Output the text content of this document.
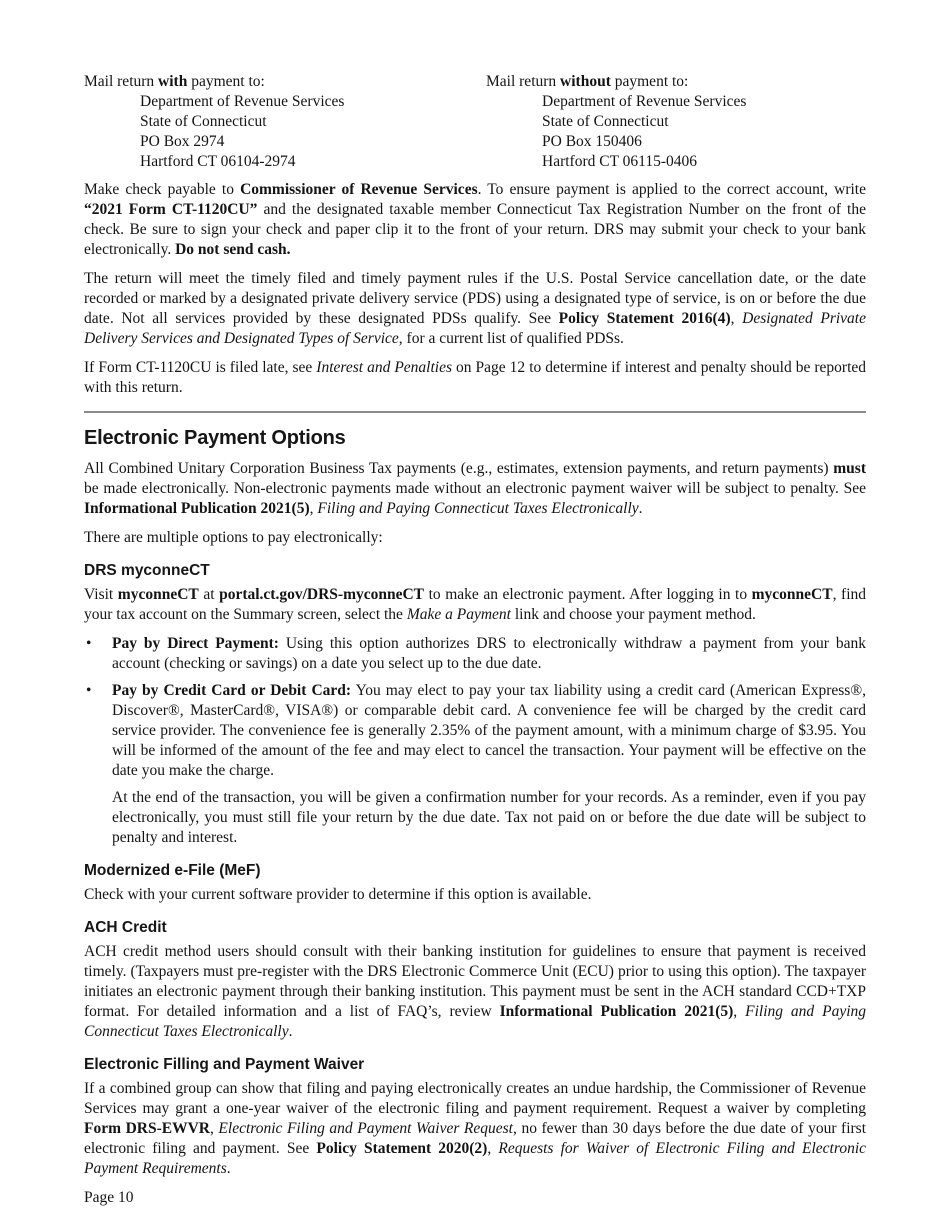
Mail return with payment to:
Department of Revenue Services
State of Connecticut
PO Box 2974
Hartford CT 06104-2974
Mail return without payment to:
Department of Revenue Services
State of Connecticut
PO Box 150406
Hartford CT 06115-0406

Make check payable to Commissioner of Revenue Services. To ensure payment is applied to the correct account, write “2021 Form CT-1120CU” and the designated taxable member Connecticut Tax Registration Number on the front of the check. Be sure to sign your check and paper clip it to the front of your return. DRS may submit your check to your bank electronically. Do not send cash.

The return will meet the timely filed and timely payment rules if the U.S. Postal Service cancellation date, or the date recorded or marked by a designated private delivery service (PDS) using a designated type of service, is on or before the due date. Not all services provided by these designated PDSs qualify. See Policy Statement 2016(4), Designated Private Delivery Services and Designated Types of Service, for a current list of qualified PDSs.

If Form CT-1120CU is filed late, see Interest and Penalties on Page 12 to determine if interest and penalty should be reported with this return.

Electronic Payment Options

All Combined Unitary Corporation Business Tax payments (e.g., estimates, extension payments, and return payments) must be made electronically. Non-electronic payments made without an electronic payment waiver will be subject to penalty. See Informational Publication 2021(5), Filing and Paying Connecticut Taxes Electronically.

There are multiple options to pay electronically:

DRS myconneCT

Visit myconneCT at portal.ct.gov/DRS-myconneCT to make an electronic payment. After logging in to myconneCT, find your tax account on the Summary screen, select the Make a Payment link and choose your payment method.

• Pay by Direct Payment: Using this option authorizes DRS to electronically withdraw a payment from your bank account (checking or savings) on a date you select up to the due date.
• Pay by Credit Card or Debit Card: You may elect to pay your tax liability using a credit card (American Express®, Discover®, MasterCard®, VISA®) or comparable debit card. A convenience fee will be charged by the credit card service provider. The convenience fee is generally 2.35% of the payment amount, with a minimum charge of $3.95. You will be informed of the amount of the fee and may elect to cancel the transaction. Your payment will be effective on the date you make the charge.

At the end of the transaction, you will be given a confirmation number for your records. As a reminder, even if you pay electronically, you must still file your return by the due date. Tax not paid on or before the due date will be subject to penalty and interest.

Modernized e-File (MeF)

Check with your current software provider to determine if this option is available.

ACH Credit

ACH credit method users should consult with their banking institution for guidelines to ensure that payment is received timely. (Taxpayers must pre-register with the DRS Electronic Commerce Unit (ECU) prior to using this option). The taxpayer initiates an electronic payment through their banking institution. This payment must be sent in the ACH standard CCD+TXP format. For detailed information and a list of FAQ’s, review Informational Publication 2021(5), Filing and Paying Connecticut Taxes Electronically.

Electronic Filling and Payment Waiver

If a combined group can show that filing and paying electronically creates an undue hardship, the Commissioner of Revenue Services may grant a one-year waiver of the electronic filing and payment requirement. Request a waiver by completing Form DRS-EWVR, Electronic Filing and Payment Waiver Request, no fewer than 30 days before the due date of your first electronic filing and payment. See Policy Statement 2020(2), Requests for Waiver of Electronic Filing and Electronic Payment Requirements.

Page 10
